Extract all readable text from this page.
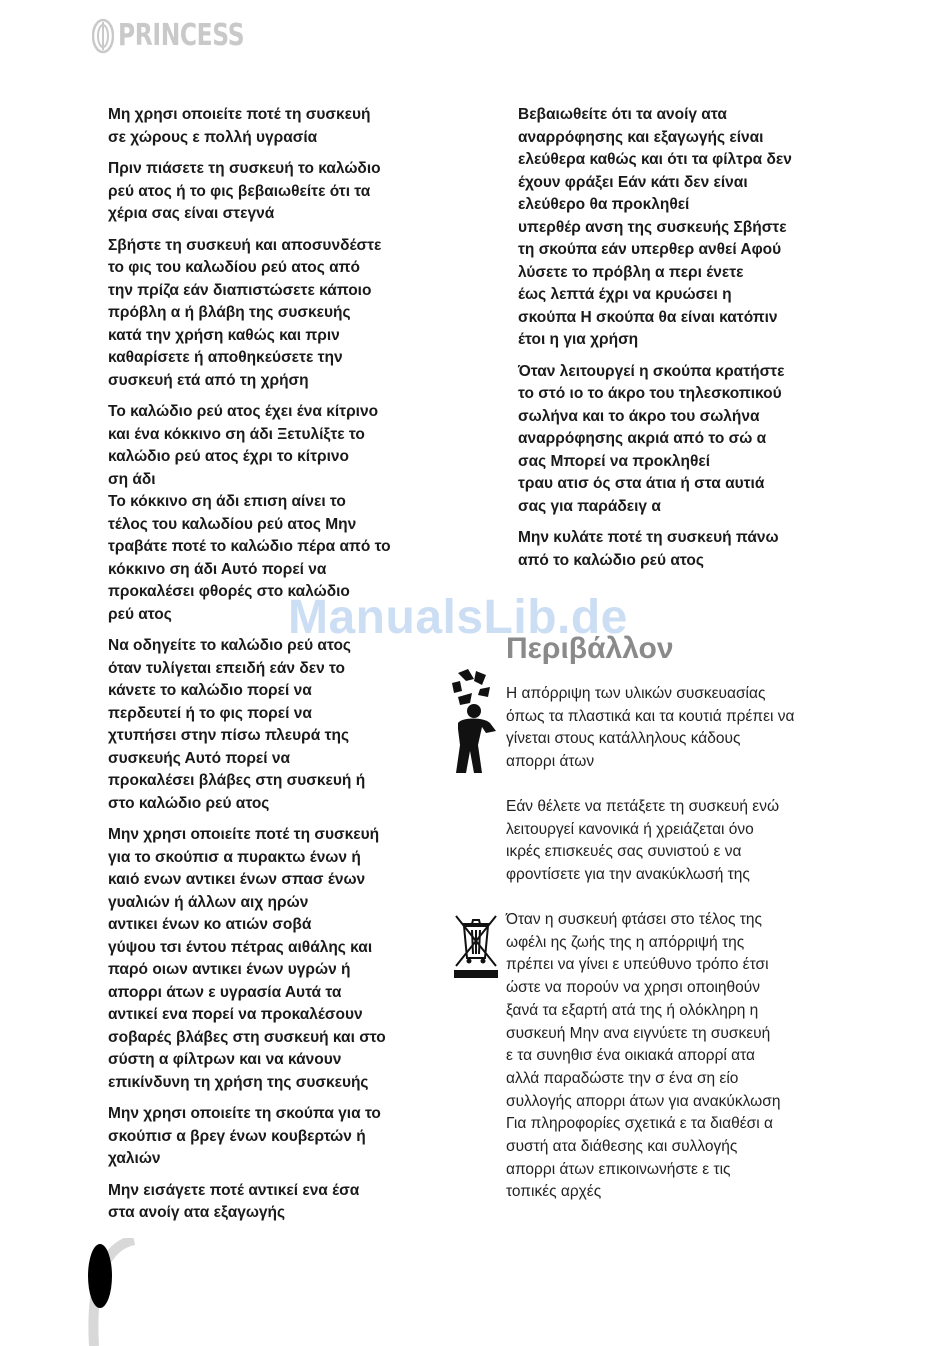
PRINCESS

Μη χρησι οποιείτε ποτέ τη συσκευή
σε χώρους ε πολλή υγρασία

Πριν πιάσετε τη συσκευή το καλώδιο
ρεύ ατος ή το φις βεβαιωθείτε ότι τα
χέρια σας είναι στεγνά

Σβήστε τη συσκευή και αποσυνδέστε
το φις του καλωδίου ρεύ ατος από
την πρίζα εάν διαπιστώσετε κάποιο
πρόβλη α ή βλάβη της συσκευής
κατά την χρήση καθώς και πριν
καθαρίσετε ή αποθηκεύσετε την
συσκευή ετά από τη χρήση

Το καλώδιο ρεύ ατος έχει ένα κίτρινο
και ένα κόκκινο ση άδι Ξετυλίξτε το
καλώδιο ρεύ ατος έχρι το κίτρινο
ση άδι
Το κόκκινο ση άδι επιση αίνει το
τέλος του καλωδίου ρεύ ατος Μην
τραβάτε ποτέ το καλώδιο πέρα από το
κόκκινο ση άδι Αυτό πορεί να
προκαλέσει φθορές στο καλώδιο
ρεύ ατος

Να οδηγείτε το καλώδιο ρεύ ατος
όταν τυλίγεται επειδή εάν δεν το
κάνετε το καλώδιο πορεί να
περδευτεί ή το φις πορεί να
χτυπήσει στην πίσω πλευρά της
συσκευής Αυτό πορεί να
προκαλέσει βλάβες στη συσκευή ή
στο καλώδιο ρεύ ατος

Μην χρησι οποιείτε ποτέ τη συσκευή
για το σκούπισ α πυρακτω ένων ή
καιό ενων αντικει ένων σπασ ένων
γυαλιών ή άλλων αιχ ηρών
αντικει ένων κο ατιών σοβά
γύψου τσι έντου πέτρας αιθάλης και
παρό οιων αντικει ένων υγρών ή
απορρι άτων ε υγρασία Αυτά τα
αντικεί ενα πορεί να προκαλέσουν
σοβαρές βλάβες στη συσκευή και στο
σύστη α φίλτρων και να κάνουν
επικίνδυνη τη χρήση της συσκευής

Μην χρησι οποιείτε τη σκούπα για το
σκούπισ α βρεγ ένων κουβερτών ή
χαλιών

Μην εισάγετε ποτέ αντικεί ενα έσα
στα ανοίγ ατα εξαγωγής

Βεβαιωθείτε ότι τα ανοίγ ατα
αναρρόφησης και εξαγωγής είναι
ελεύθερα καθώς και ότι τα φίλτρα δεν
έχουν φράξει Εάν κάτι δεν είναι
ελεύθερο θα προκληθεί
υπερθέρ ανση της συσκευής Σβήστε
τη σκούπα εάν υπερθερ ανθεί Αφού
λύσετε το πρόβλη α περι ένετε
έως λεπτά έχρι να κρυώσει η
σκούπα Η σκούπα θα είναι κατόπιν
έτοι η για χρήση

Όταν λειτουργεί η σκούπα κρατήστε
το στό ιο το άκρο του τηλεσκοπικού
σωλήνα και το άκρο του σωλήνα
αναρρόφησης ακριά από το σώ α
σας Μπορεί να προκληθεί
τραυ ατισ ός στα άτια ή στα αυτιά
σας για παράδειγ α

Μην κυλάτε ποτέ τη συσκευή πάνω
από το καλώδιο ρεύ ατος

ManualsLib.de
Περιβάλλον

Η απόρριψη των υλικών συσκευασίας
όπως τα πλαστικά και τα κουτιά πρέπει να
γίνεται στους κατάλληλους κάδους
απορρι άτων

Εάν θέλετε να πετάξετε τη συσκευή ενώ
λειτουργεί κανονικά ή χρειάζεται όνο
ικρές επισκευές σας συνιστού ε να
φροντίσετε για την ανακύκλωσή της

Όταν η συσκευή φτάσει στο τέλος της
ωφέλι ης ζωής της η απόρριψή της
πρέπει να γίνει ε υπεύθυνο τρόπο έτσι
ώστε να πορούν να χρησι οποιηθούν
ξανά τα εξαρτή ατά της ή ολόκληρη η
συσκευή Μην ανα ειγνύετε τη συσκευή
ε τα συνηθισ ένα οικιακά απορρί ατα
αλλά παραδώστε την σ ένα ση είο
συλλογής απορρι άτων για ανακύκλωση
Για πληροφορίες σχετικά ε τα διαθέσι α
συστή ατα διάθεσης και συλλογής
απορρι άτων επικοινωνήστε ε τις
τοπικές αρχές
